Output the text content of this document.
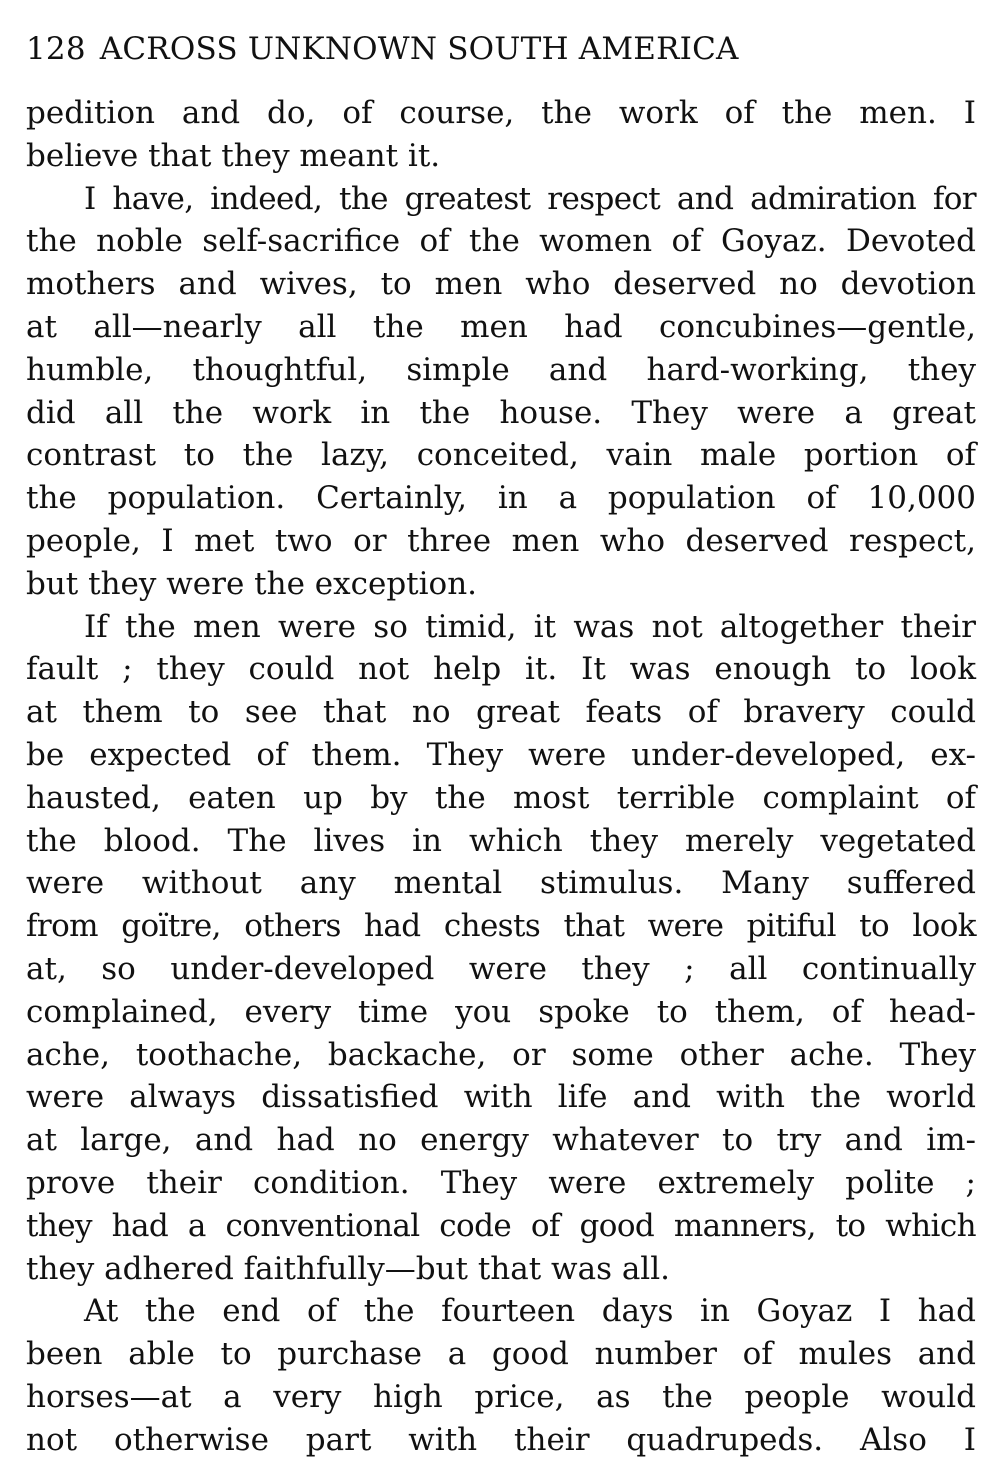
128 ACROSS UNKNOWN SOUTH AMERICA
pedition and do, of course, the work of the men. I
believe that they meant it.
I have, indeed, the greatest respect and admiration for
the noble self-sacrifice of the women of Goyaz. Devoted
mothers and wives, to men who deserved no devotion
at all—nearly all the men had concubines—gentle,
humble, thoughtful, simple and hard-working, they
did all the work in the house. They were a great
contrast to the lazy, conceited, vain male portion of
the population. Certainly, in a population of 10,000
people, I met two or three men who deserved respect,
but they were the exception.
If the men were so timid, it was not altogether their
fault ; they could not help it. It was enough to look
at them to see that no great feats of bravery could
be expected of them. They were under-developed, ex-
hausted, eaten up by the most terrible complaint of
the blood. The lives in which they merely vegetated
were without any mental stimulus. Many suffered
from goïtre, others had chests that were pitiful to look
at, so under-developed were they ; all continually
complained, every time you spoke to them, of head-
ache, toothache, backache, or some other ache. They
were always dissatisfied with life and with the world
at large, and had no energy whatever to try and im-
prove their condition. They were extremely polite ;
they had a conventional code of good manners, to which
they adhered faithfully—but that was all.
At the end of the fourteen days in Goyaz I had
been able to purchase a good number of mules and
horses—at a very high price, as the people would
not otherwise part with their quadrupeds. Also I
